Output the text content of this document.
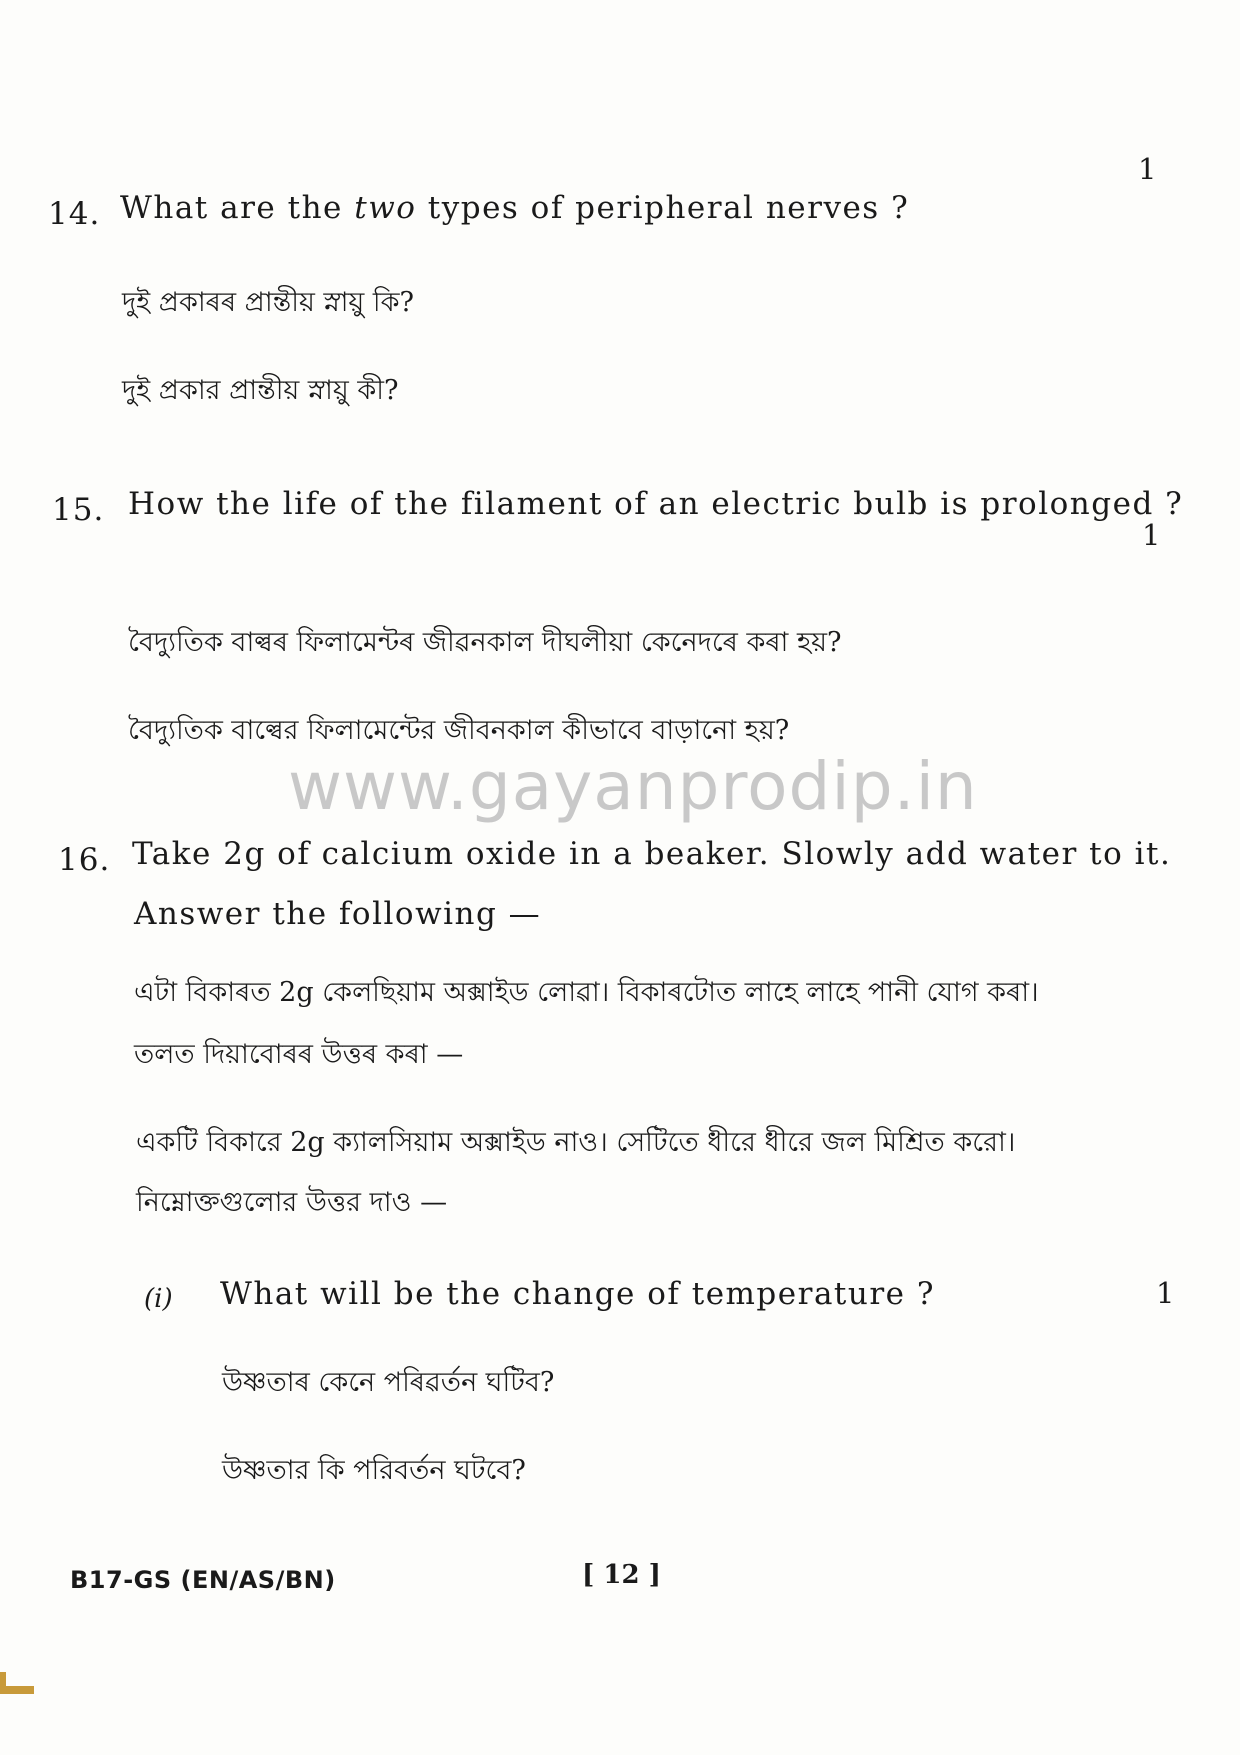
1
14. What are the two types of peripheral nerves ?
দুই প্ৰকাৰৰ প্ৰান্তীয় স্নায়ু কি?
দুই প্রকার প্রান্তীয় স্নায়ু কী?
15. How the life of the filament of an electric bulb is prolonged ?
1
বৈদ্যুতিক বাল্বৰ ফিলামেন্টৰ জীৱনকাল দীঘলীয়া কেনেদৰে কৰা হয়?
বৈদ্যুতিক বাল্বের ফিলামেন্টের জীবনকাল কীভাবে বাড়ানো হয়?
www.gayanprodip.in
16. Take 2g of calcium oxide in a beaker. Slowly add water to it.
Answer the following —
এটা বিকাৰত 2g কেলছিয়াম অক্সাইড লোৱা। বিকাৰটোত লাহে লাহে পানী যোগ কৰা।
তলত দিয়াবোৰৰ উত্তৰ কৰা —
একটি বিকারে 2g ক্যালসিয়াম অক্সাইড নাও। সেটিতে ধীরে ধীরে জল মিশ্রিত করো।
নিম্নোক্তগুলোর উত্তর দাও —
(i) What will be the change of temperature ?	1
উষ্ণতাৰ কেনে পৰিৱৰ্তন ঘটিব?
উষ্ণতার কি পরিবর্তন ঘটবে?
B17-GS (EN/AS/BN)	[ 12 ]
